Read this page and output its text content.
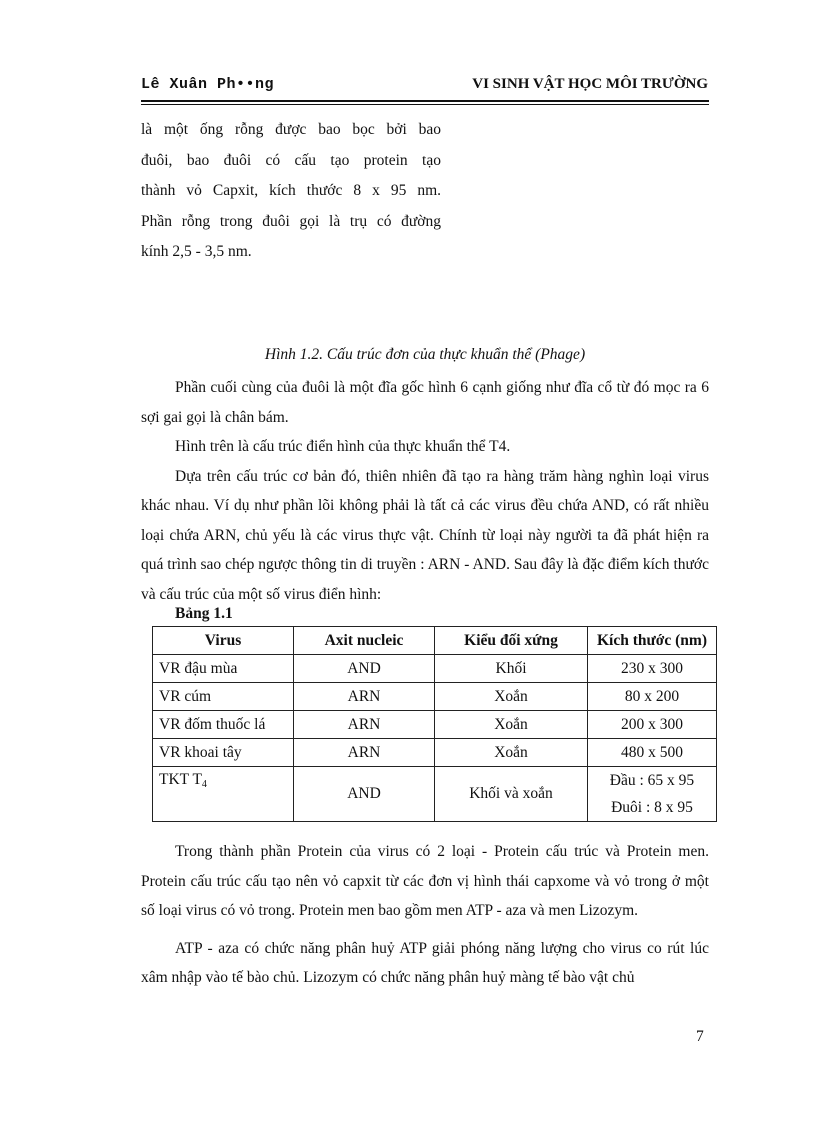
Lê Xuân Ph••ng	VI SINH VẬT HỌC MÔI TRƯỜNG
là một ống rỗng được bao bọc bởi bao
đuôi, bao đuôi có cấu tạo protein tạo
thành vỏ Capxit, kích thước 8 x 95 nm.
Phần rỗng trong đuôi gọi là trụ có đường
kính 2,5 - 3,5 nm.
Hình 1.2. Cấu trúc đơn của thực khuẩn thể (Phage)

Phần cuối cùng của đuôi là một đĩa gốc hình 6 cạnh giống như đĩa cổ từ đó mọc ra 6 sợi gai gọi là chân bám.

Hình trên là cấu trúc điển hình của thực khuẩn thể T4.

Dựa trên cấu trúc cơ bản đó, thiên nhiên đã tạo ra hàng trăm hàng nghìn loại virus khác nhau. Ví dụ như phần lõi không phải là tất cả các virus đều chứa AND, có rất nhiều loại chứa ARN, chủ yếu là các virus thực vật. Chính từ loại này người ta đã phát hiện ra quá trình sao chép ngược thông tin di truyền : ARN - AND. Sau đây là đặc điểm kích thước và cấu trúc của một số virus điển hình:

Bảng 1.1
Virus	Axit nucleic	Kiểu đối xứng	Kích thước (nm)
VR đậu mùa	AND	Khối	230 x 300
VR cúm	ARN	Xoắn	80 x 200
VR đốm thuốc lá	ARN	Xoắn	200 x 300
VR khoai tây	ARN	Xoắn	480 x 500
TKT $T_4$	AND	Khối và xoắn	Đầu : 65 x 95
			Đuôi : 8 x 95

Trong thành phần Protein của virus có 2 loại - Protein cấu trúc và Protein men. Protein cấu trúc cấu tạo nên vỏ capxit từ các đơn vị hình thái capxome và vỏ trong ở một số loại virus có vỏ trong. Protein men bao gồm men ATP - aza và men Lizozym.

ATP - aza có chức năng phân huỷ ATP giải phóng năng lượng cho virus co rút lúc xâm nhập vào tế bào chủ. Lizozym có chức năng phân huỷ màng tế bào vật chủ

7
